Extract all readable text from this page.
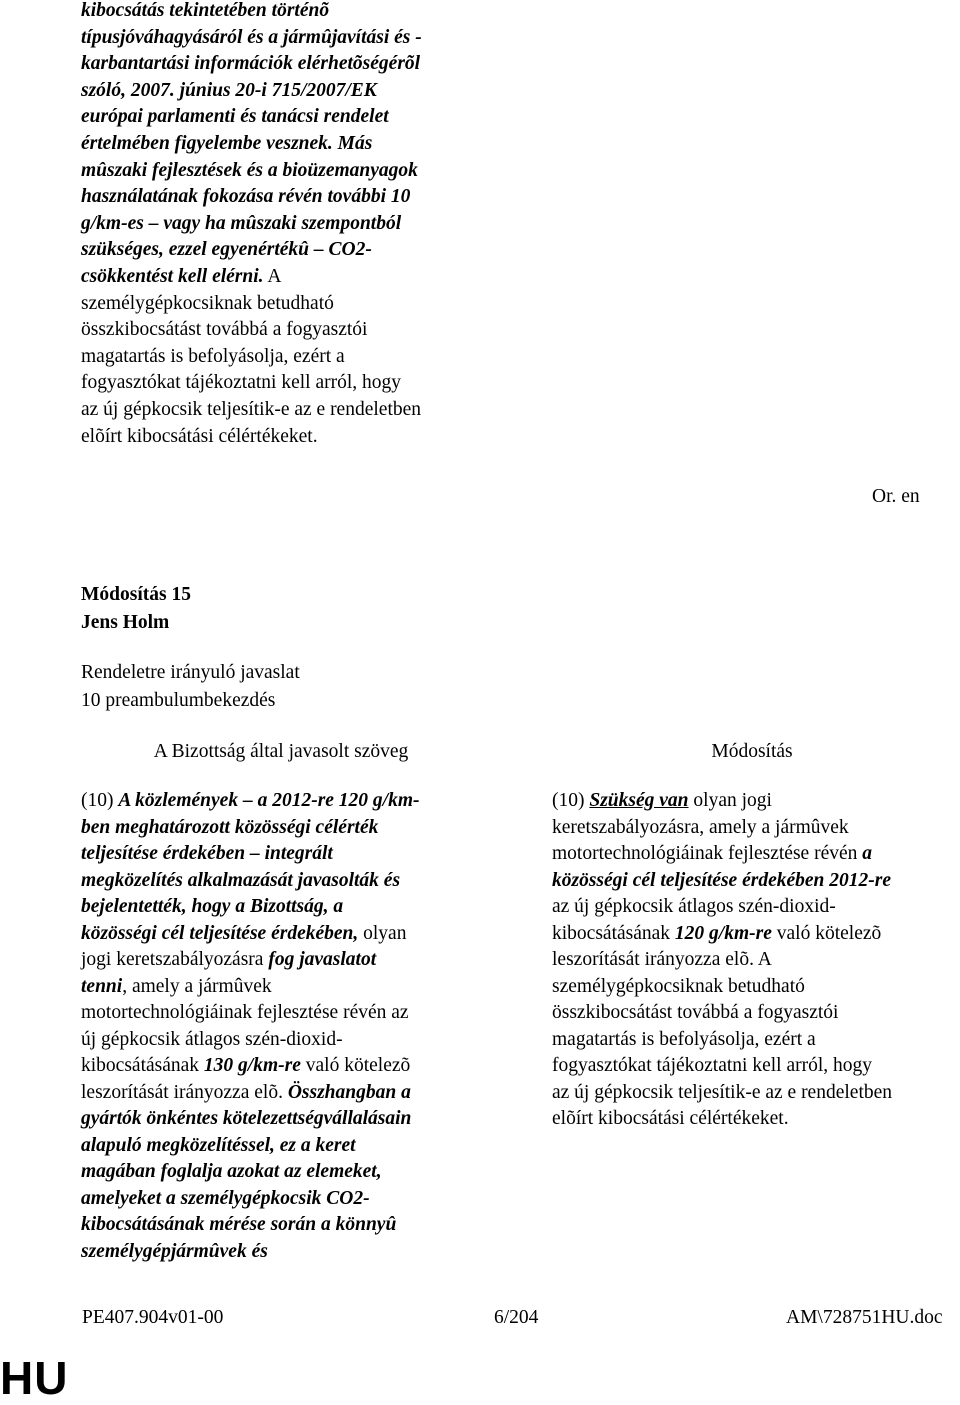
kibocsátás tekintetében történõ
típusjóváhagyásáról és a jármûjavítási és -
karbantartási információk elérhetõségérõl
szóló, 2007. június 20-i 715/2007/EK
európai parlamenti és tanácsi rendelet
értelmében figyelembe vesznek. Más
mûszaki fejlesztések és a bioüzemanyagok
használatának fokozása révén további 10
g/km-es – vagy ha mûszaki szempontból
szükséges, ezzel egyenértékû – CO2-
csökkentést kell elérni. A
személygépkocsiknak betudható
összkibocsátást továbbá a fogyasztói
magatartás is befolyásolja, ezért a
fogyasztókat tájékoztatni kell arról, hogy
az új gépkocsik teljesítik-e az e rendeletben
elõírt kibocsátási célértékeket.
Or. en
Módosítás 15
Jens Holm
Rendeletre irányuló javaslat
10 preambulumbekezdés
A Bizottság által javasolt szöveg	Módosítás
(10) A közlemények – a 2012-re 120 g/km-
ben meghatározott közösségi célérték
teljesítése érdekében – integrált
megközelítés alkalmazását javasolták és
bejelentették, hogy a Bizottság, a
közösségi cél teljesítése érdekében, olyan
jogi keretszabályozásra fog javaslatot
tenni, amely a jármûvek
motortechnológiáinak fejlesztése révén az
új gépkocsik átlagos szén-dioxid-
kibocsátásának 130 g/km-re való kötelezõ
leszorítását irányozza elõ. Összhangban a
gyártók önkéntes kötelezettségvállalásain
alapuló megközelítéssel, ez a keret
magában foglalja azokat az elemeket,
amelyeket a személygépkocsik CO2-
kibocsátásának mérése során a könnyû
személygépjármûvek és
(10) Szükség van olyan jogi
keretszabályozásra, amely a jármûvek
motortechnológiáinak fejlesztése révén a
közösségi cél teljesítése érdekében 2012-re
az új gépkocsik átlagos szén-dioxid-
kibocsátásának 120 g/km-re való kötelezõ
leszorítását irányozza elõ. A
személygépkocsiknak betudható
összkibocsátást továbbá a fogyasztói
magatartás is befolyásolja, ezért a
fogyasztókat tájékoztatni kell arról, hogy
az új gépkocsik teljesítik-e az e rendeletben
elõírt kibocsátási célértékeket.
PE407.904v01-00	6/204	AM\728751HU.doc
HU
